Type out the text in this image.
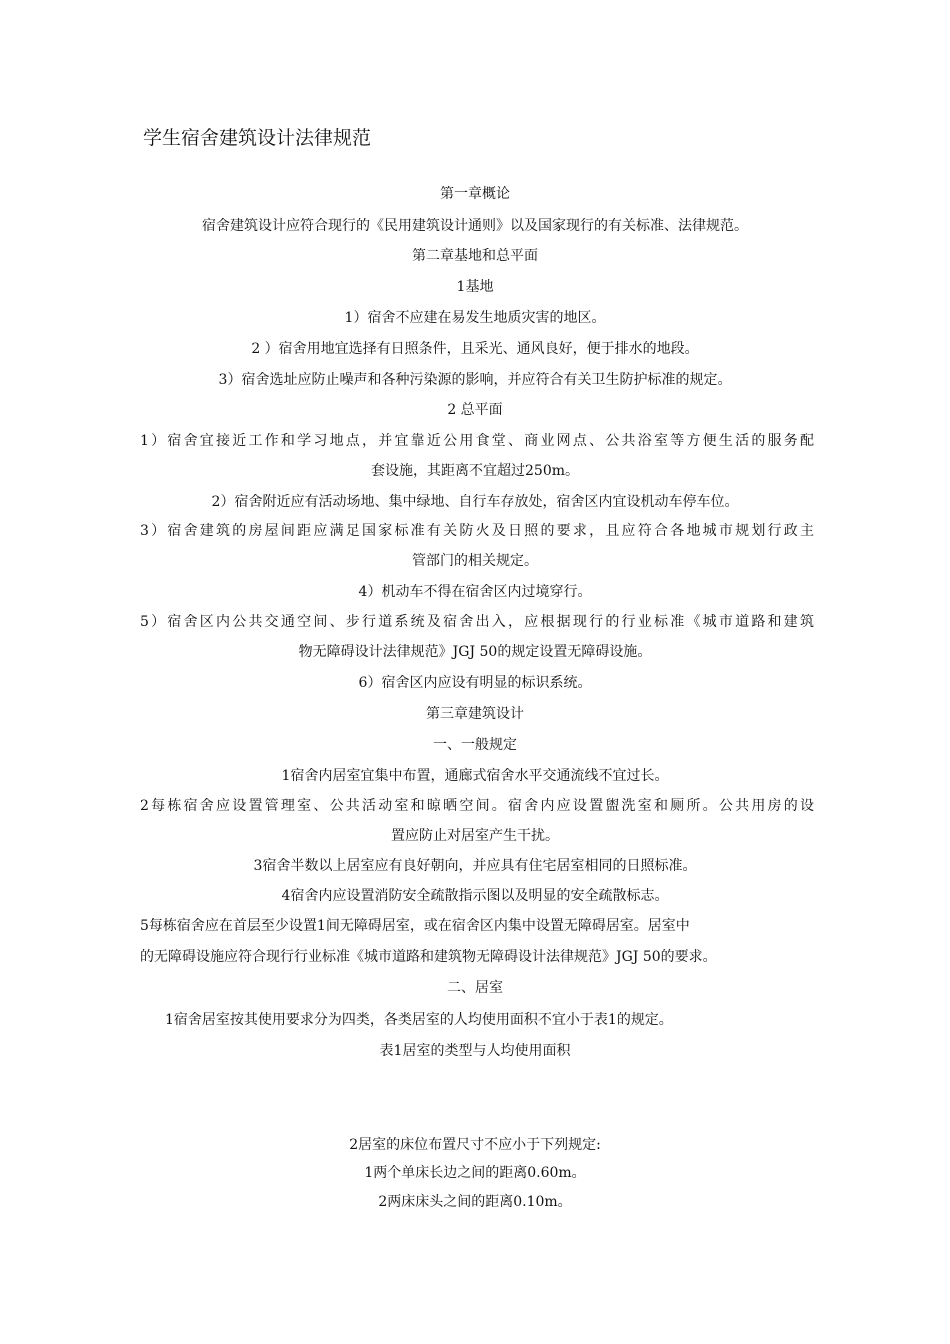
学生宿舍建筑设计法律规范
第一章概论
宿舍建筑设计应符合现行的《民用建筑设计通则》以及国家现行的有关标准、法律规范。
第二章基地和总平面
1基地
1）宿舍不应建在易发生地质灾害的地区。
2 ）宿舍用地宜选择有日照条件，且采光、通风良好，便于排水的地段。
3）宿舍选址应防止噪声和各种污染源的影响，并应符合有关卫生防护标准的规定。
2 总平面
1）宿舍宜接近工作和学习地点，并宜靠近公用食堂、商业网点、公共浴室等方便生活的服务配
套设施，其距离不宜超过250m。
2）宿舍附近应有活动场地、集中绿地、自行车存放处，宿舍区内宜设机动车停车位。
3）宿舍建筑的房屋间距应满足国家标准有关防火及日照的要求，且应符合各地城市规划行政主
管部门的相关规定。
4）机动车不得在宿舍区内过境穿行。
5）宿舍区内公共交通空间、步行道系统及宿舍出入，应根据现行的行业标准《城市道路和建筑
物无障碍设计法律规范》JGJ 50的规定设置无障碍设施。
6）宿舍区内应设有明显的标识系统。
第三章建筑设计
一、一般规定
1宿舍内居室宜集中布置，通廊式宿舍水平交通流线不宜过长。
2每栋宿舍应设置管理室、公共活动室和晾晒空间。宿舍内应设置盥洗室和厕所。公共用房的设
置应防止对居室产生干扰。
3宿舍半数以上居室应有良好朝向，并应具有住宅居室相同的日照标准。
4宿舍内应设置消防安全疏散指示图以及明显的安全疏散标志。
5每栋宿舍应在首层至少设置1间无障碍居室，或在宿舍区内集中设置无障碍居室。居室中
的无障碍设施应符合现行行业标准《城市道路和建筑物无障碍设计法律规范》JGJ 50的要求。
二、居室
1宿舍居室按其使用要求分为四类，各类居室的人均使用面积不宜小于表1的规定。
表1居室的类型与人均使用面积
2居室的床位布置尺寸不应小于下列规定:
1两个单床长边之间的距离0.60m。
2两床床头之间的距离0.10m。
